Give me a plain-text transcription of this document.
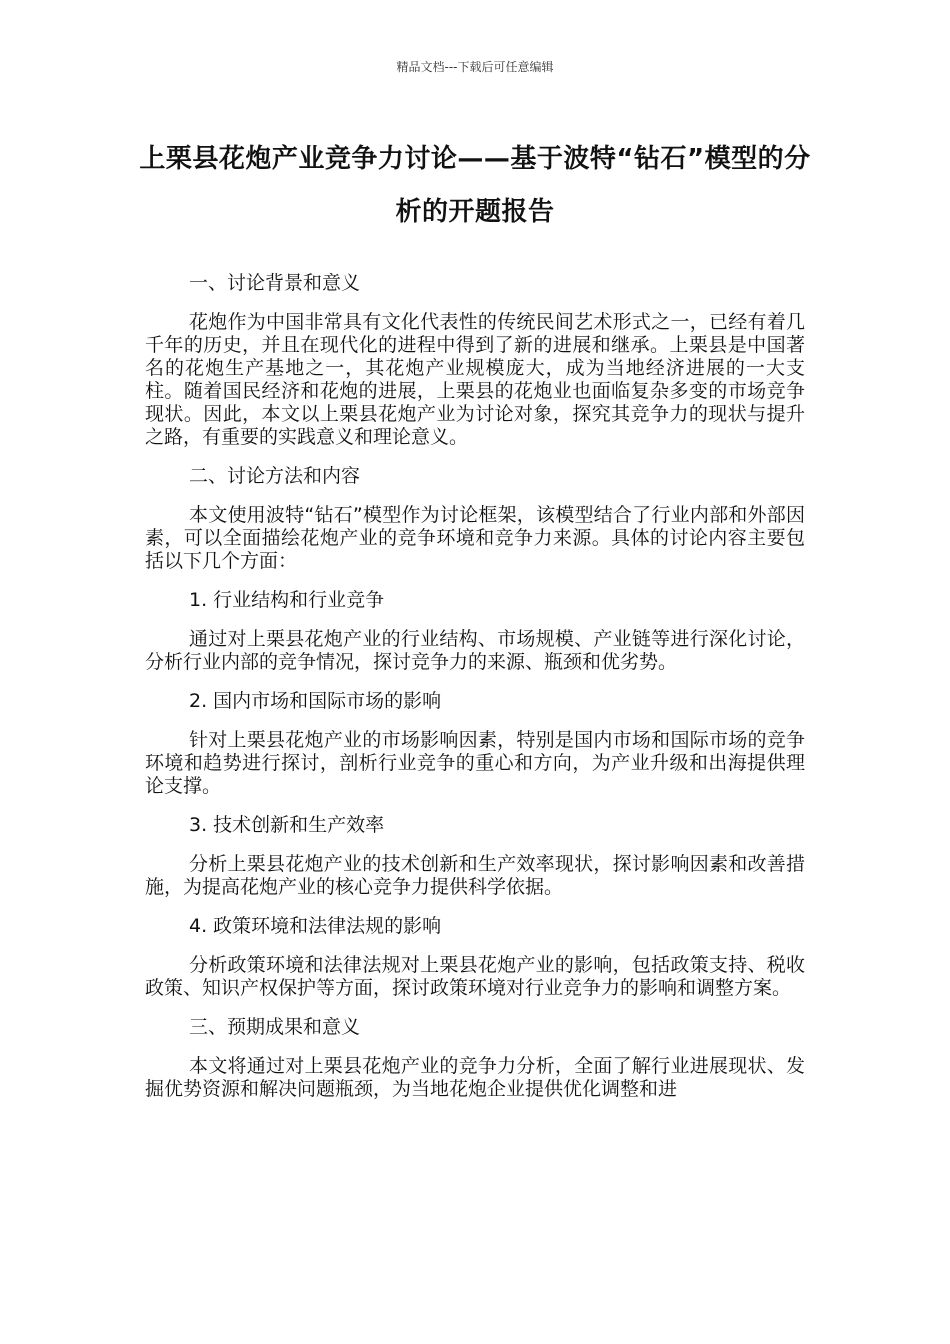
精品文档---下载后可任意编辑
上栗县花炮产业竞争力讨论——基于波特“钻石”模型的分析的开题报告

一、讨论背景和意义

花炮作为中国非常具有文化代表性的传统民间艺术形式之一，已经有着几千年的历史，并且在现代化的进程中得到了新的进展和继承。上栗县是中国著名的花炮生产基地之一，其花炮产业规模庞大，成为当地经济进展的一大支柱。随着国民经济和花炮的进展，上栗县的花炮业也面临复杂多变的市场竞争现状。因此，本文以上栗县花炮产业为讨论对象，探究其竞争力的现状与提升之路，有重要的实践意义和理论意义。

二、讨论方法和内容

本文使用波特“钻石”模型作为讨论框架，该模型结合了行业内部和外部因素，可以全面描绘花炮产业的竞争环境和竞争力来源。具体的讨论内容主要包括以下几个方面：

1. 行业结构和行业竞争

通过对上栗县花炮产业的行业结构、市场规模、产业链等进行深化讨论，分析行业内部的竞争情况，探讨竞争力的来源、瓶颈和优劣势。

2. 国内市场和国际市场的影响

针对上栗县花炮产业的市场影响因素，特别是国内市场和国际市场的竞争环境和趋势进行探讨，剖析行业竞争的重心和方向，为产业升级和出海提供理论支撑。

3. 技术创新和生产效率

分析上栗县花炮产业的技术创新和生产效率现状，探讨影响因素和改善措施，为提高花炮产业的核心竞争力提供科学依据。

4. 政策环境和法律法规的影响

分析政策环境和法律法规对上栗县花炮产业的影响，包括政策支持、税收政策、知识产权保护等方面，探讨政策环境对行业竞争力的影响和调整方案。

三、预期成果和意义

本文将通过对上栗县花炮产业的竞争力分析，全面了解行业进展现状、发掘优势资源和解决问题瓶颈，为当地花炮企业提供优化调整和进
